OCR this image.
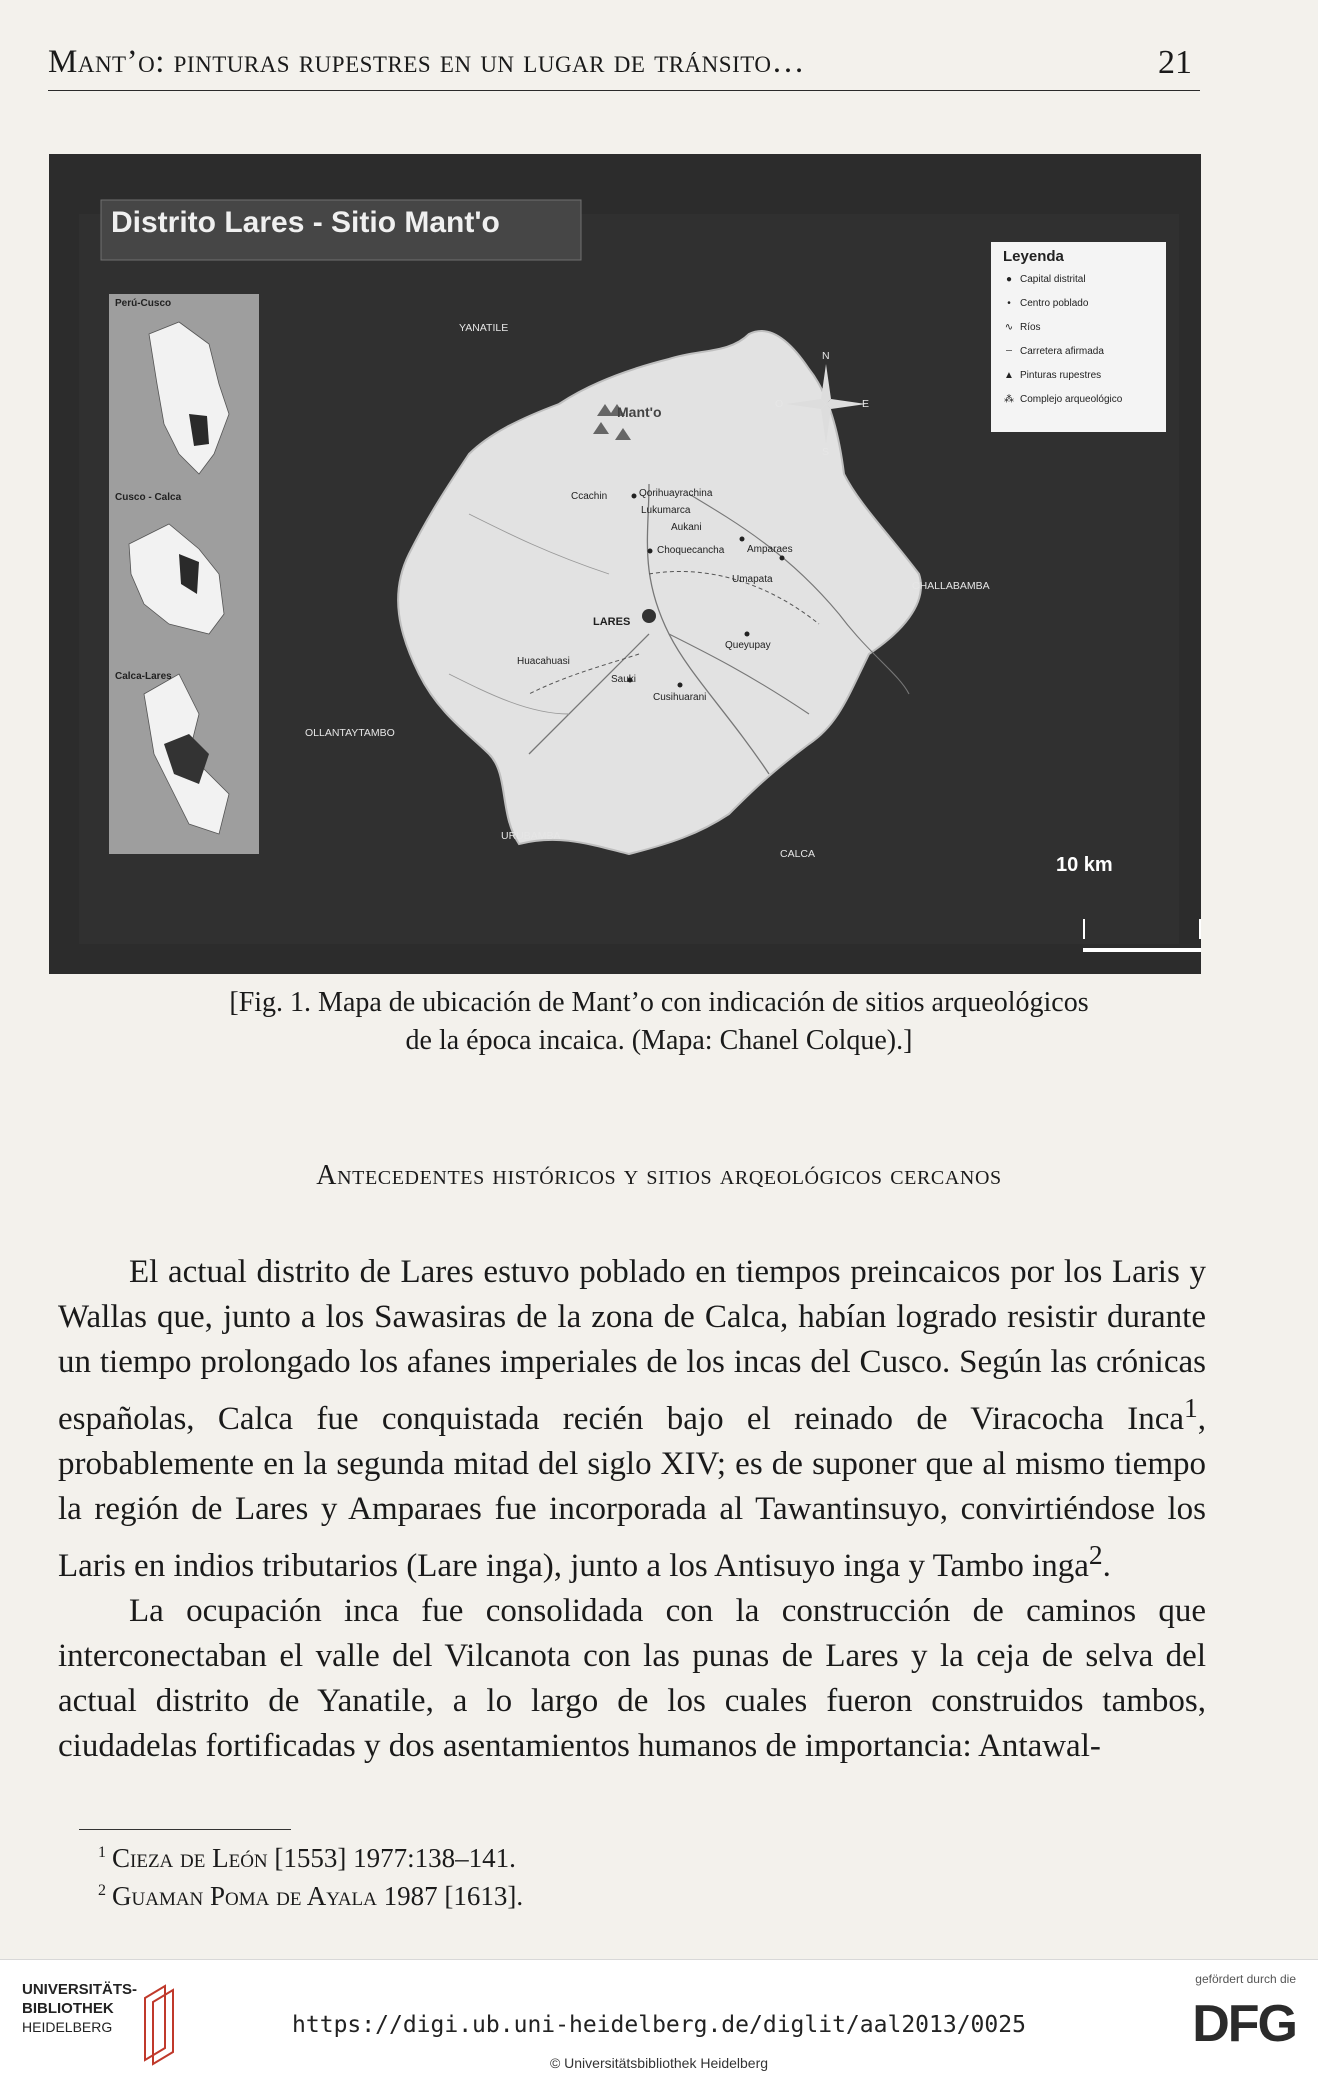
Mant’o: pinturas rupestres en un lugar de tránsito…	21
Distrito Lares - Sitio Mant'o
Perú-Cusco
Cusco - Calca
Calca-Lares
N
S
E
O
Leyenda
● Capital distrital
• Centro poblado
∿ Ríos
┄ Carretera afirmada
▲ Pinturas rupestres
⁂ Complejo arqueológico
Mant'o
Qorihuayrachina
Lukumarca
Aukani
Ccachin
Choquecancha Amparaes
Umapata
LARES
Queyupay
Huacahuasi
Sauki
Cusihuarani
YANATILE
CHALLABAMBA
OLLANTAYTAMBO
URUBAMBA
CALCA	10 km
[Fig. 1. Mapa de ubicación de Mant’o con indicación de sitios arqueológicos
de la época incaica. (Mapa: Chanel Colque).]
Antecedentes históricos y sitios arqeológicos cercanos

El actual distrito de Lares estuvo poblado en tiempos preincaicos por los Laris y Wallas que, junto a los Sawasiras de la zona de Calca, habían logrado resistir durante un tiempo prolongado los afanes imperiales de los incas del Cusco. Según las crónicas españolas, Calca fue conquistada recién bajo el reinado de Viracocha Inca$^1$, probablemente en la segunda mitad del siglo XIV; es de suponer que al mismo tiempo la región de Lares y Amparaes fue incorporada al Tawantinsuyo, convirtiéndose los Laris en indios tributarios (Lare inga), junto a los Antisuyo inga y Tambo inga$^2$.

La ocupación inca fue consolidada con la construcción de caminos que interconectaban el valle del Vilcanota con las punas de Lares y la ceja de selva del actual distrito de Yanatile, a lo largo de los cuales fueron construidos tambos, ciudadelas fortificadas y dos asentamientos humanos de importancia: Antawal-

$^1$ Cieza de León [1553] 1977:138–141.
$^2$ Guaman Poma de Ayala 1987 [1613].
UNIVERSITÄTS-
BIBLIOTHEK
HEIDELBERG	https://digi.ub.uni-heidelberg.de/diglit/aal2013/0025
© Universitätsbibliothek Heidelberg
gefördert durch die
DFG
